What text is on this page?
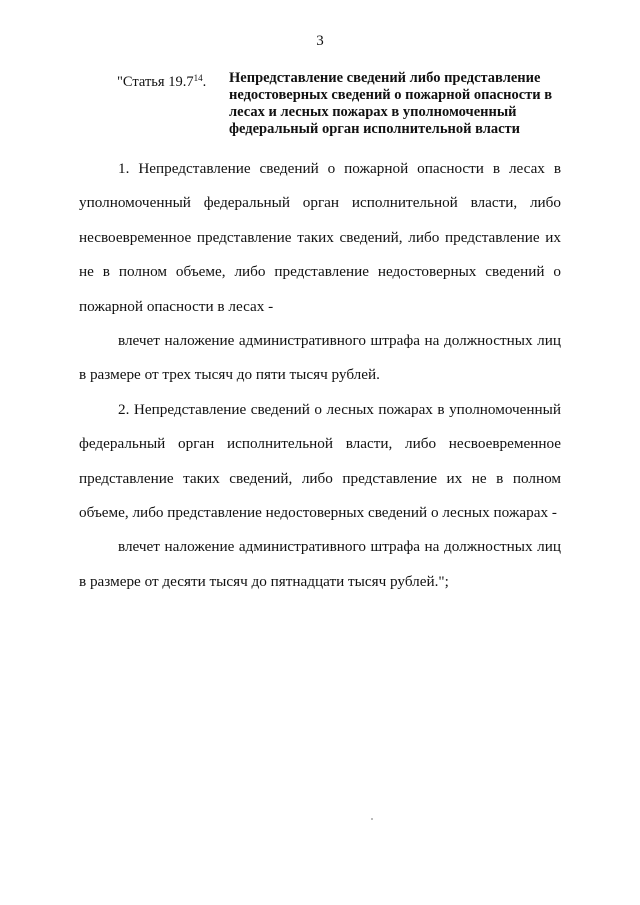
3
"Статья 19.7$^{14}$. Непредставление сведений либо представление недостоверных сведений о пожарной опасности в лесах и лесных пожарах в уполномоченный федеральный орган исполнительной власти

1. Непредставление сведений о пожарной опасности в лесах в уполномоченный федеральный орган исполнительной власти, либо несвоевременное представление таких сведений, либо представление их не в полном объеме, либо представление недостоверных сведений о пожарной опасности в лесах -

влечет наложение административного штрафа на должностных лиц в размере от трех тысяч до пяти тысяч рублей.

2. Непредставление сведений о лесных пожарах в уполномоченный федеральный орган исполнительной власти, либо несвоевременное представление таких сведений, либо представление их не в полном объеме, либо представление недостоверных сведений о лесных пожарах -

влечет наложение административного штрафа на должностных лиц в размере от десяти тысяч до пятнадцати тысяч рублей.";
